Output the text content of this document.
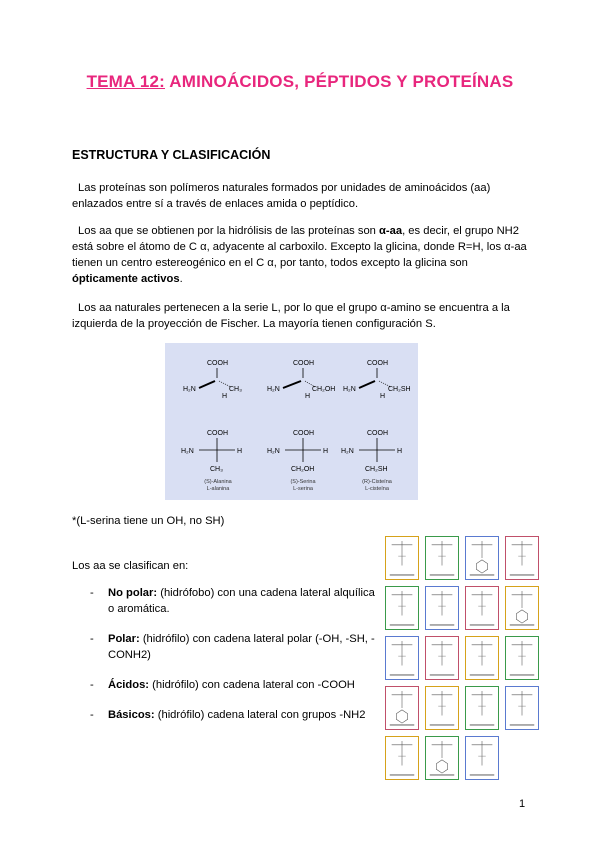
TEMA 12: AMINOÁCIDOS, PÉPTIDOS Y PROTEÍNAS
ESTRUCTURA Y CLASIFICACIÓN
Las proteínas son polímeros naturales formados por unidades de aminoácidos (aa) enlazados entre sí a través de enlaces amida o peptídico.
Los aa que se obtienen por la hidrólisis de las proteínas son α-aa, es decir, el grupo NH2 está sobre el átomo de C α, adyacente al carboxilo. Excepto la glicina, donde R=H, los α-aa tienen un centro estereogénico en el C α, por tanto, todos excepto la glicina son ópticamente activos.
Los aa naturales pertenecen a la serie L, por lo que el grupo α-amino se encuentra a la izquierda de la proyección de Fischer. La mayoría tienen configuración S.
COOH
H₂N	CH₃
H
COOH
H₂N	CH₂OH
H
COOH
H₂N	CH₂SH
H
COOH
H₂N	H
CH₃
COOH
H₂N	H
CH₂OH
COOH
H₂N	H
CH₂SH
(S)-Alanina
L-alanina
(S)-Serina
L-serina
(R)-Cisteína
L-cisteína
*(L-serina tiene un OH, no SH)
Los aa se clasifican en:
- No polar: (hidrófobo) con una cadena lateral alquílica o aromática.
- Polar: (hidrófilo) con cadena lateral polar (-OH, -SH, -CONH2)
- Ácidos: (hidrófilo) con cadena lateral con -COOH
- Básicos: (hidrófilo) cadena lateral con grupos -NH2
1
